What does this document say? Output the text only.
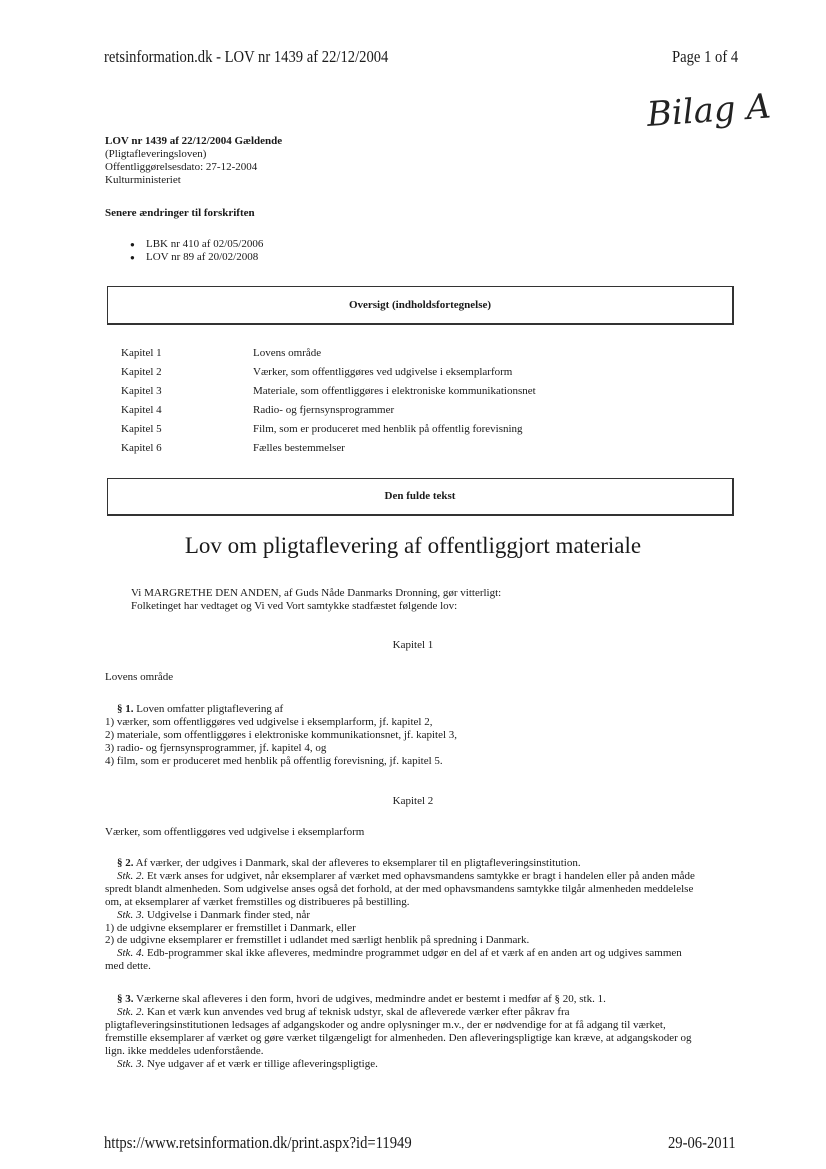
retsinformation.dk - LOV nr 1439 af 22/12/2004	Page 1 of 4
Bilag A
LOV nr 1439 af 22/12/2004 Gældende
(Pligtafleveringsloven)
Offentliggørelsesdato: 27-12-2004
Kulturministeriet
Senere ændringer til forskriften
● LBK nr 410 af 02/05/2006
● LOV nr 89 af 20/02/2008
Oversigt (indholdsfortegnelse)
Kapitel 1	Lovens område
Kapitel 2	Værker, som offentliggøres ved udgivelse i eksemplarform
Kapitel 3	Materiale, som offentliggøres i elektroniske kommunikationsnet
Kapitel 4	Radio- og fjernsynsprogrammer
Kapitel 5	Film, som er produceret med henblik på offentlig forevisning
Kapitel 6	Fælles bestemmelser
Den fulde tekst
Lov om pligtaflevering af offentliggjort materiale
Vi MARGRETHE DEN ANDEN, af Guds Nåde Danmarks Dronning, gør vitterligt:
Folketinget har vedtaget og Vi ved Vort samtykke stadfæstet følgende lov:
Kapitel 1
Lovens område
§ 1. Loven omfatter pligtaflevering af
1) værker, som offentliggøres ved udgivelse i eksemplarform, jf. kapitel 2,
2) materiale, som offentliggøres i elektroniske kommunikationsnet, jf. kapitel 3,
3) radio- og fjernsynsprogrammer, jf. kapitel 4, og
4) film, som er produceret med henblik på offentlig forevisning, jf. kapitel 5.
Kapitel 2
Værker, som offentliggøres ved udgivelse i eksemplarform
§ 2. Af værker, der udgives i Danmark, skal der afleveres to eksemplarer til en pligtafleveringsinstitution.
Stk. 2. Et værk anses for udgivet, når eksemplarer af værket med ophavsmandens samtykke er bragt i handelen eller på anden måde
spredt blandt almenheden. Som udgivelse anses også det forhold, at der med ophavsmandens samtykke tilgår almenheden meddelelse
om, at eksemplarer af værket fremstilles og distribueres på bestilling.
Stk. 3. Udgivelse i Danmark finder sted, når
1) de udgivne eksemplarer er fremstillet i Danmark, eller
2) de udgivne eksemplarer er fremstillet i udlandet med særligt henblik på spredning i Danmark.
Stk. 4. Edb-programmer skal ikke afleveres, medmindre programmet udgør en del af et værk af en anden art og udgives sammen
med dette.
§ 3. Værkerne skal afleveres i den form, hvori de udgives, medmindre andet er bestemt i medfør af § 20, stk. 1.
Stk. 2. Kan et værk kun anvendes ved brug af teknisk udstyr, skal de afleverede værker efter påkrav fra
pligtafleveringsinstitutionen ledsages af adgangskoder og andre oplysninger m.v., der er nødvendige for at få adgang til værket,
fremstille eksemplarer af værket og gøre værket tilgængeligt for almenheden. Den afleveringspligtige kan kræve, at adgangskoder og
lign. ikke meddeles udenforstående.
Stk. 3. Nye udgaver af et værk er tillige afleveringspligtige.
https://www.retsinformation.dk/print.aspx?id=11949	29-06-2011
